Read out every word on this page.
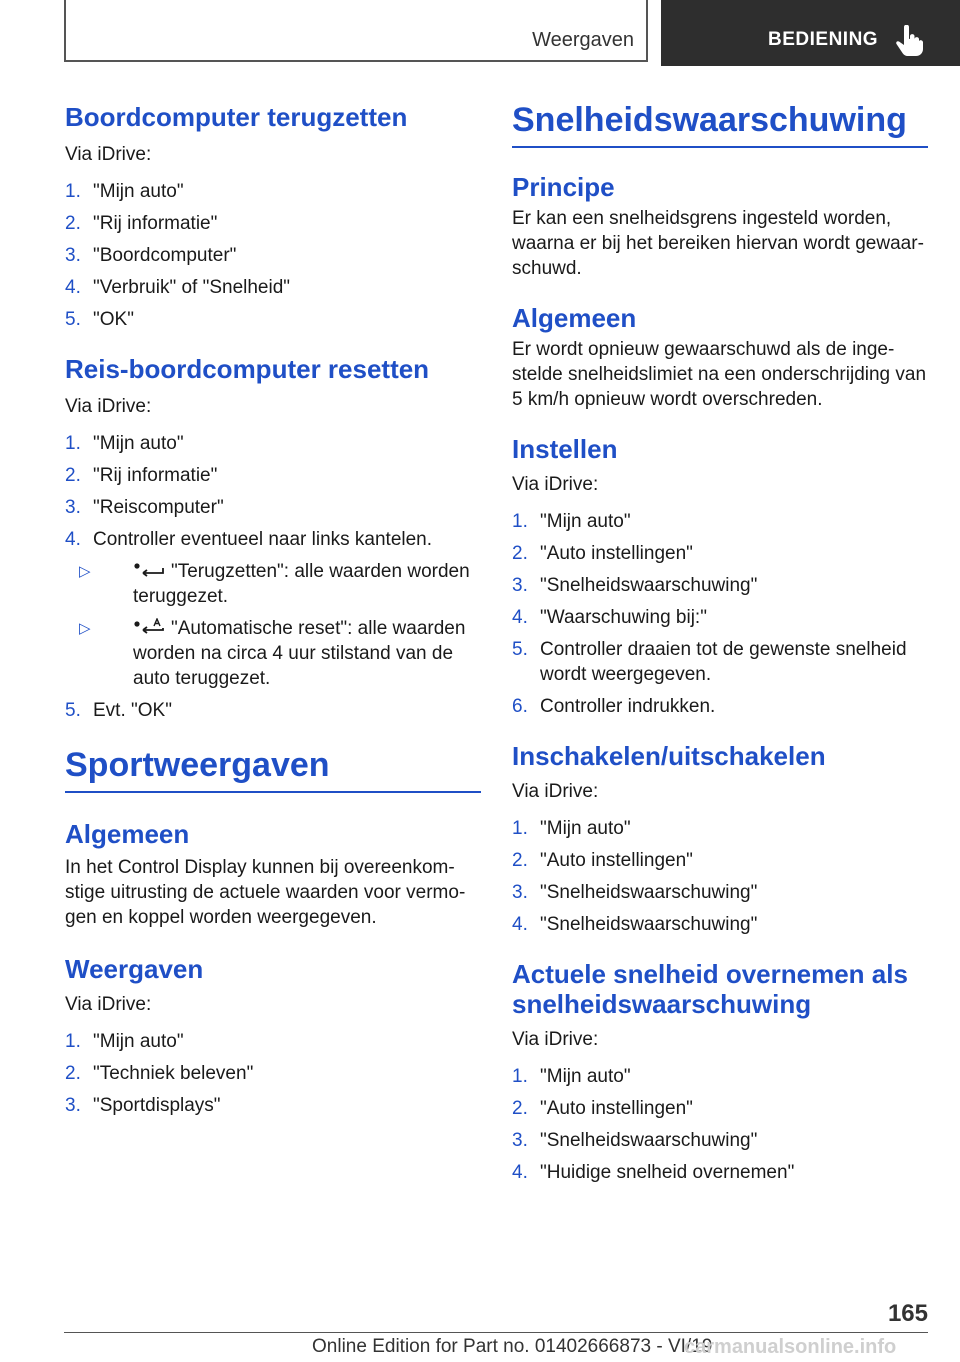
Weergaven	BEDIENING
Boordcomputer terugzetten

Via iDrive:

1. "Mijn auto"
2. "Rij informatie"
3. "Boordcomputer"
4. "Verbruik" of "Snelheid"
5. "OK"
Reis-boordcomputer resetten

Via iDrive:

1. "Mijn auto"
2. "Rij informatie"
3. "Reiscomputer"
4. Controller eventueel naar links kantelen.
▷	"Terugzetten": alle waarden worden teruggezet.
▷	"Automatische reset": alle waarden worden na circa 4 uur stilstand van de auto teruggezet.
5. Evt. "OK"
Sportweergaven
Algemeen

In het Control Display kunnen bij overeenkomstige uitrusting de actuele waarden voor vermogen en koppel worden weergegeven.

Weergaven

Via iDrive:

1. "Mijn auto"
2. "Techniek beleven"
3. "Sportdisplays"
Snelheidswaarschuwing
Principe

Er kan een snelheidsgrens ingesteld worden, waarna er bij het bereiken hiervan wordt gewaarschuwd.

Algemeen

Er wordt opnieuw gewaarschuwd als de ingestelde snelheidslimiet na een onderschrijding van 5 km/h opnieuw wordt overschreden.

Instellen

Via iDrive:

1. "Mijn auto"
2. "Auto instellingen"
3. "Snelheidswaarschuwing"
4. "Waarschuwing bij:"
5. Controller draaien tot de gewenste snelheid wordt weergegeven.
6. Controller indrukken.
Inschakelen/uitschakelen

Via iDrive:

1. "Mijn auto"
2. "Auto instellingen"
3. "Snelheidswaarschuwing"
4. "Snelheidswaarschuwing"
Actuele snelheid overnemen als snelheidswaarschuwing

Via iDrive:

1. "Mijn auto"
2. "Auto instellingen"
3. "Snelheidswaarschuwing"
4. "Huidige snelheid overnemen"
165
Online Edition for Part no. 01402666873 - VI/19
carmanualsonline.info
